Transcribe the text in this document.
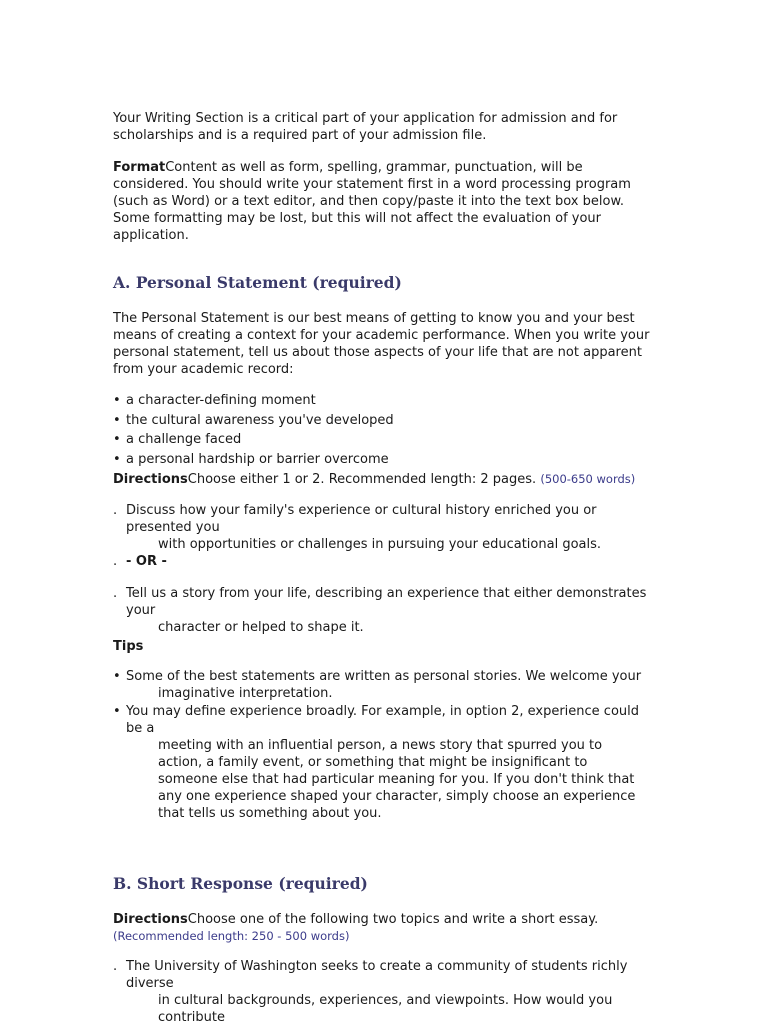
Your Writing Section is a critical part of your application for admission and for scholarships and is a required part of your admission file.

FormatContent as well as form, spelling, grammar, punctuation, will be considered. You should write your statement first in a word processing program (such as Word) or a text editor, and then copy/paste it into the text box below. Some formatting may be lost, but this will not affect the evaluation of your application.

A. Personal Statement (required)

The Personal Statement is our best means of getting to know you and your best means of creating a context for your academic performance. When you write your personal statement, tell us about those aspects of your life that are not apparent from your academic record:

• a character-defining moment
• the cultural awareness you've developed
• a challenge faced
• a personal hardship or barrier overcome

DirectionsChoose either 1 or 2. Recommended length: 2 pages. (500-650 words)

. Discuss how your family's experience or cultural history enriched you or presented you
with opportunities or challenges in pursuing your educational goals.
. - OR -
. Tell us a story from your life, describing an experience that either demonstrates your
character or helped to shape it.

Tips

• Some of the best statements are written as personal stories. We welcome your
imaginative interpretation.
• You may define experience broadly. For example, in option 2, experience could be a
meeting with an influential person, a news story that spurred you to action, a family event, or something that might be insignificant to someone else that had particular meaning for you. If you don't think that any one experience shaped your character, simply choose an experience that tells us something about you.
B. Short Response (required)

DirectionsChoose one of the following two topics and write a short essay.

(Recommended length: 250 - 500 words)

. The University of Washington seeks to create a community of students richly diverse
in cultural backgrounds, experiences, and viewpoints. How would you contribute
